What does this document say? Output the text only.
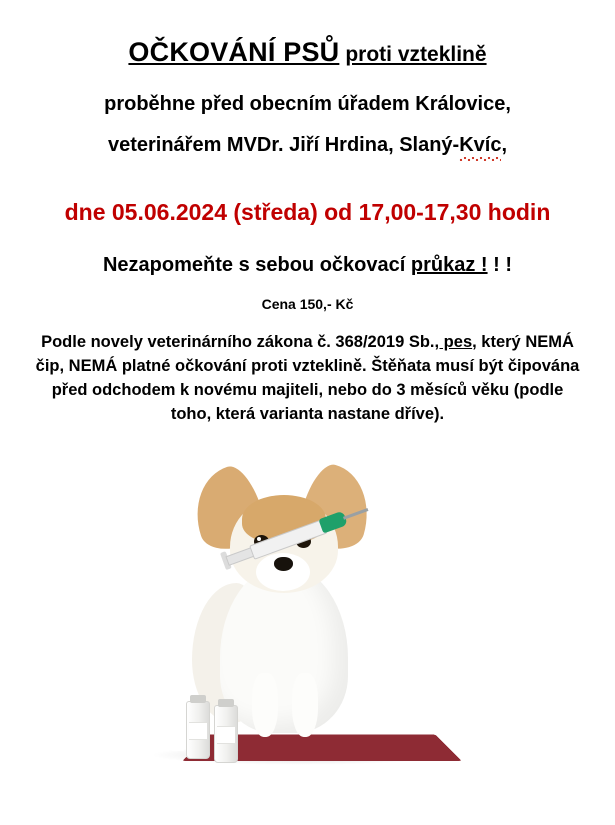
OČKOVÁNÍ PSŮ proti vzteklině
proběhne před obecním úřadem Královice,
veterinářem MVDr. Jiří Hrdina, Slaný-Kvíc,
dne 05.06.2024 (středa) od 17,00-17,30 hodin
Nezapomeňte s sebou očkovací průkaz ! ! !
Cena 150,- Kč
Podle novely veterinárního zákona č. 368/2019 Sb., pes, který NEMÁ čip, NEMÁ platné očkování proti vzteklině. Štěňata musí být čipována před odchodem k novému majiteli, nebo do 3 měsíců věku (podle toho, která varianta nastane dříve).
